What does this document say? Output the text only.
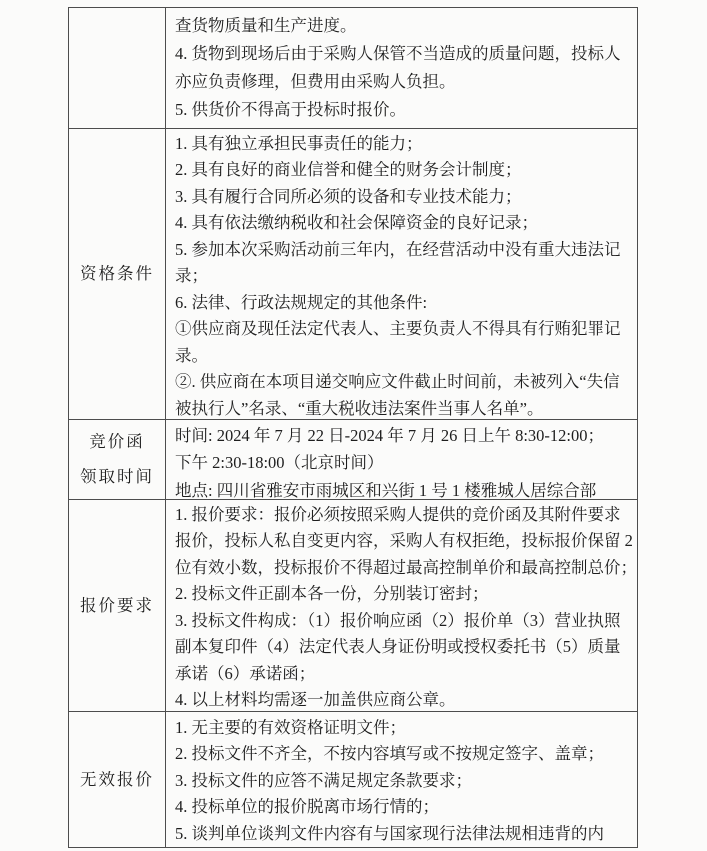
查货物质量和生产进度。
4. 货物到现场后由于采购人保管不当造成的质量问题，投标人
亦应负责修理，但费用由采购人负担。
5. 供货价不得高于投标时报价。
资格条件
1. 具有独立承担民事责任的能力；
2. 具有良好的商业信誉和健全的财务会计制度；
3. 具有履行合同所必须的设备和专业技术能力；
4. 具有依法缴纳税收和社会保障资金的良好记录；
5. 参加本次采购活动前三年内，在经营活动中没有重大违法记
录；
6. 法律、行政法规规定的其他条件:
①供应商及现任法定代表人、主要负责人不得具有行贿犯罪记
录。
②. 供应商在本项目递交响应文件截止时间前，未被列入“失信
被执行人”名录、“重大税收违法案件当事人名单”。
竞价函
领取时间
时间: 2024 年 7 月 22 日-2024 年 7 月 26 日上午 8:30-12:00；
下午 2:30-18:00（北京时间）
地点: 四川省雅安市雨城区和兴街 1 号 1 楼雅城人居综合部
报价要求
1. 报价要求：报价必须按照采购人提供的竞价函及其附件要求
报价，投标人私自变更内容，采购人有权拒绝，投标报价保留 2
位有效小数，投标报价不得超过最高控制单价和最高控制总价；
2. 投标文件正副本各一份，分别装订密封；
3. 投标文件构成：（1）报价响应函（2）报价单（3）营业执照
副本复印件（4）法定代表人身证份明或授权委托书（5）质量
承诺（6）承诺函；
4. 以上材料均需逐一加盖供应商公章。
无效报价
1. 无主要的有效资格证明文件；
2. 投标文件不齐全，不按内容填写或不按规定签字、盖章；
3. 投标文件的应答不满足规定条款要求；
4. 投标单位的报价脱离市场行情的；
5. 谈判单位谈判文件内容有与国家现行法律法规相违背的内
